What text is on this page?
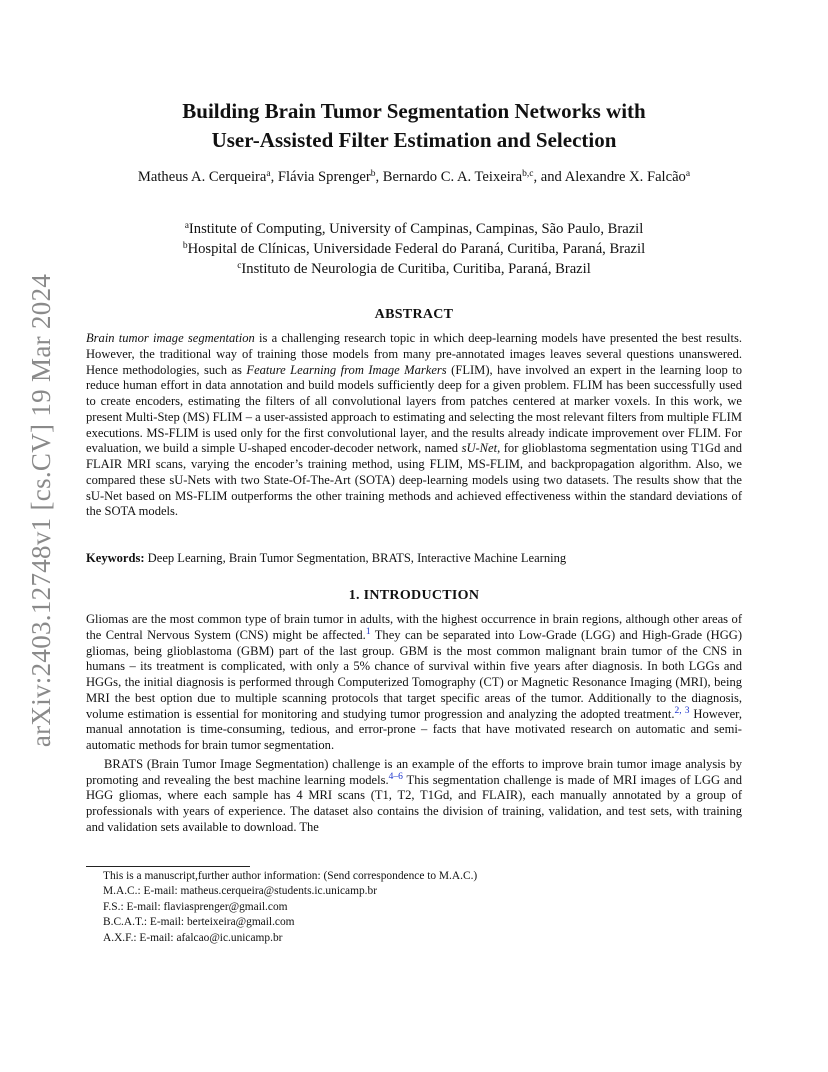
arXiv:2403.12748v1 [cs.CV] 19 Mar 2024
Building Brain Tumor Segmentation Networks with
User-Assisted Filter Estimation and Selection
Matheus A. Cerqueira$^a$, Flávia Sprenger$^b$, Bernardo C. A. Teixeira$^{b,c}$, and Alexandre X. Falcão$^a$
$^a$Institute of Computing, University of Campinas, Campinas, São Paulo, Brazil
$^b$Hospital de Clínicas, Universidade Federal do Paraná, Curitiba, Paraná, Brazil
$^c$Instituto de Neurologia de Curitiba, Curitiba, Paraná, Brazil
ABSTRACT
Brain tumor image segmentation is a challenging research topic in which deep-learning models have presented the best results. However, the traditional way of training those models from many pre-annotated images leaves several questions unanswered. Hence methodologies, such as Feature Learning from Image Markers (FLIM), have involved an expert in the learning loop to reduce human effort in data annotation and build models sufficiently deep for a given problem. FLIM has been successfully used to create encoders, estimating the filters of all convolutional layers from patches centered at marker voxels. In this work, we present Multi-Step (MS) FLIM – a user-assisted approach to estimating and selecting the most relevant filters from multiple FLIM executions. MS-FLIM is used only for the first convolutional layer, and the results already indicate improvement over FLIM. For evaluation, we build a simple U-shaped encoder-decoder network, named sU-Net, for glioblastoma segmentation using T1Gd and FLAIR MRI scans, varying the encoder’s training method, using FLIM, MS-FLIM, and backpropagation algorithm. Also, we compared these sU-Nets with two State-Of-The-Art (SOTA) deep-learning models using two datasets. The results show that the sU-Net based on MS-FLIM outperforms the other training methods and achieved effectiveness within the standard deviations of the SOTA models.
Keywords: Deep Learning, Brain Tumor Segmentation, BRATS, Interactive Machine Learning
1. INTRODUCTION

Gliomas are the most common type of brain tumor in adults, with the highest occurrence in brain regions, although other areas of the Central Nervous System (CNS) might be affected.$^1$ They can be separated into Low-Grade (LGG) and High-Grade (HGG) gliomas, being glioblastoma (GBM) part of the last group. GBM is the most common malignant brain tumor of the CNS in humans – its treatment is complicated, with only a 5% chance of survival within five years after diagnosis. In both LGGs and HGGs, the initial diagnosis is performed through Computerized Tomography (CT) or Magnetic Resonance Imaging (MRI), being MRI the best option due to multiple scanning protocols that target specific areas of the tumor. Additionally to the diagnosis, volume estimation is essential for monitoring and studying tumor progression and analyzing the adopted treatment.$^{2, 3}$ However, manual annotation is time-consuming, tedious, and error-prone – facts that have motivated research on automatic and semi-automatic methods for brain tumor segmentation.

BRATS (Brain Tumor Image Segmentation) challenge is an example of the efforts to improve brain tumor image analysis by promoting and revealing the best machine learning models.$^{4-6}$ This segmentation challenge is made of MRI images of LGG and HGG gliomas, where each sample has 4 MRI scans (T1, T2, T1Gd, and FLAIR), each manually annotated by a group of professionals with years of experience. The dataset also contains the division of training, validation, and test sets, with training and validation sets available to download. The

This is a manuscript,further author information: (Send correspondence to M.A.C.)
M.A.C.: E-mail: matheus.cerqueira@students.ic.unicamp.br
F.S.: E-mail: flaviasprenger@gmail.com
B.C.A.T.: E-mail: berteixeira@gmail.com
A.X.F.: E-mail: afalcao@ic.unicamp.br
